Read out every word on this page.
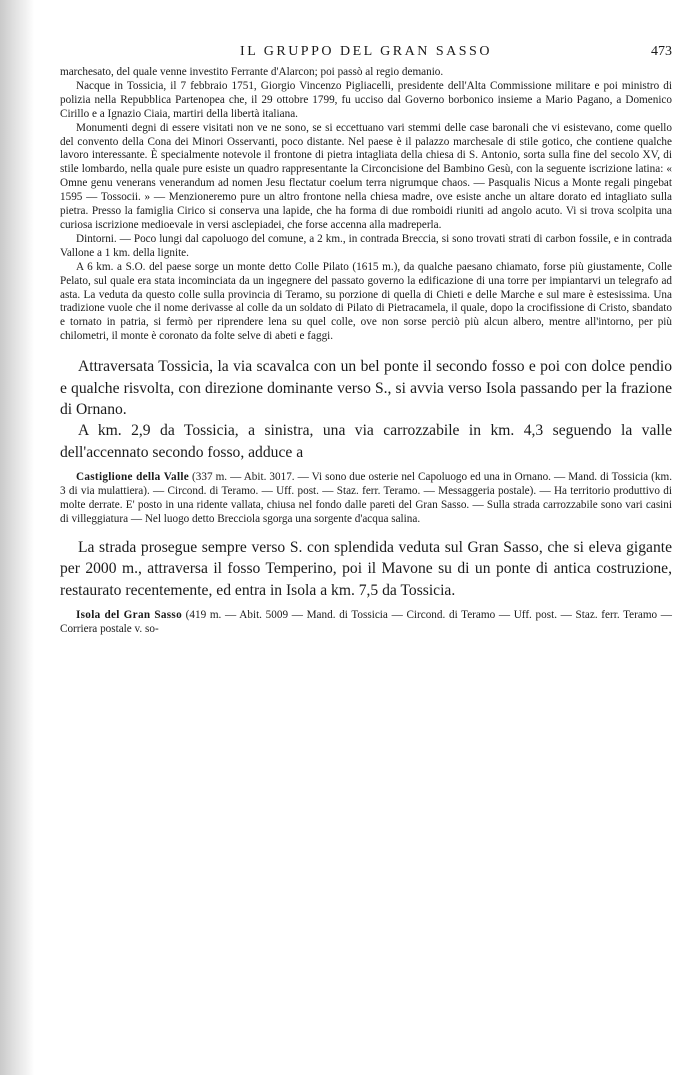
IL GRUPPO DEL GRAN SASSO	473

marchesato, del quale venne investito Ferrante d'Alarcon; poi passò al regio demanio.

Nacque in Tossicia, il 7 febbraio 1751, Giorgio Vincenzo Pigliacelli, presidente dell'Alta Commissione militare e poi ministro di polizia nella Repubblica Partenopea che, il 29 ottobre 1799, fu ucciso dal Governo borbonico insieme a Mario Pagano, a Domenico Cirillo e a Ignazio Ciaia, martiri della libertà italiana.

Monumenti degni di essere visitati non ve ne sono, se si eccettuano vari stemmi delle case baronali che vi esistevano, come quello del convento della Cona dei Minori Osservanti, poco distante. Nel paese è il palazzo marchesale di stile gotico, che contiene qualche lavoro interessante. È specialmente notevole il frontone di pietra intagliata della chiesa di S. Antonio, sorta sulla fine del secolo XV, di stile lombardo, nella quale pure esiste un quadro rappresentante la Circoncisione del Bambino Gesù, con la seguente iscrizione latina: « Omne genu venerans venerandum ad nomen Jesu flectatur coelum terra nigrumque chaos. — Pasqualis Nicus a Monte regali pingebat 1595 — Tossocii. » — Menzioneremo pure un altro frontone nella chiesa madre, ove esiste anche un altare dorato ed intagliato sulla pietra. Presso la famiglia Cirico si conserva una lapide, che ha forma di due romboidi riuniti ad angolo acuto. Vi si trova scolpita una curiosa iscrizione medioevale in versi asclepiadei, che forse accenna alla madreperla.

Dintorni. — Poco lungi dal capoluogo del comune, a 2 km., in contrada Breccia, si sono trovati strati di carbon fossile, e in contrada Vallone a 1 km. della lignite.

A 6 km. a S.O. del paese sorge un monte detto Colle Pilato (1615 m.), da qualche paesano chiamato, forse più giustamente, Colle Pelato, sul quale era stata incominciata da un ingegnere del passato governo la edificazione di una torre per impiantarvi un telegrafo ad asta. La veduta da questo colle sulla provincia di Teramo, su porzione di quella di Chieti e delle Marche e sul mare è estesissima. Una tradizione vuole che il nome derivasse al colle da un soldato di Pilato di Pietracamela, il quale, dopo la crocifissione di Cristo, sbandato e tornato in patria, si fermò per riprendere lena su quel colle, ove non sorse perciò più alcun albero, mentre all'intorno, per più chilometri, il monte è coronato da folte selve di abeti e faggi.

Attraversata Tossicia, la via scavalca con un bel ponte il secondo fosso e poi con dolce pendio e qualche risvolta, con direzione dominante verso S., si avvia verso Isola passando per la frazione di Ornano.

A km. 2,9 da Tossicia, a sinistra, una via carrozzabile in km. 4,3 seguendo la valle dell'accennato secondo fosso, adduce a

Castiglione della Valle (337 m. — Abit. 3017. — Vi sono due osterie nel Capoluogo ed una in Ornano. — Mand. di Tossicia (km. 3 di via mulattiera). — Circond. di Teramo. — Uff. post. — Staz. ferr. Teramo. — Messaggeria postale). — Ha territorio produttivo di molte derrate. E' posto in una ridente vallata, chiusa nel fondo dalle pareti del Gran Sasso. — Sulla strada carrozzabile sono vari casini di villeggiatura — Nel luogo detto Brecciola sgorga una sorgente d'acqua salina.

La strada prosegue sempre verso S. con splendida veduta sul Gran Sasso, che si eleva gigante per 2000 m., attraversa il fosso Temperino, poi il Mavone su di un ponte di antica costruzione, restaurato recentemente, ed entra in Isola a km. 7,5 da Tossicia.

Isola del Gran Sasso (419 m. — Abit. 5009 — Mand. di Tossicia — Circond. di Teramo — Uff. post. — Staz. ferr. Teramo — Corriera postale v. so-
